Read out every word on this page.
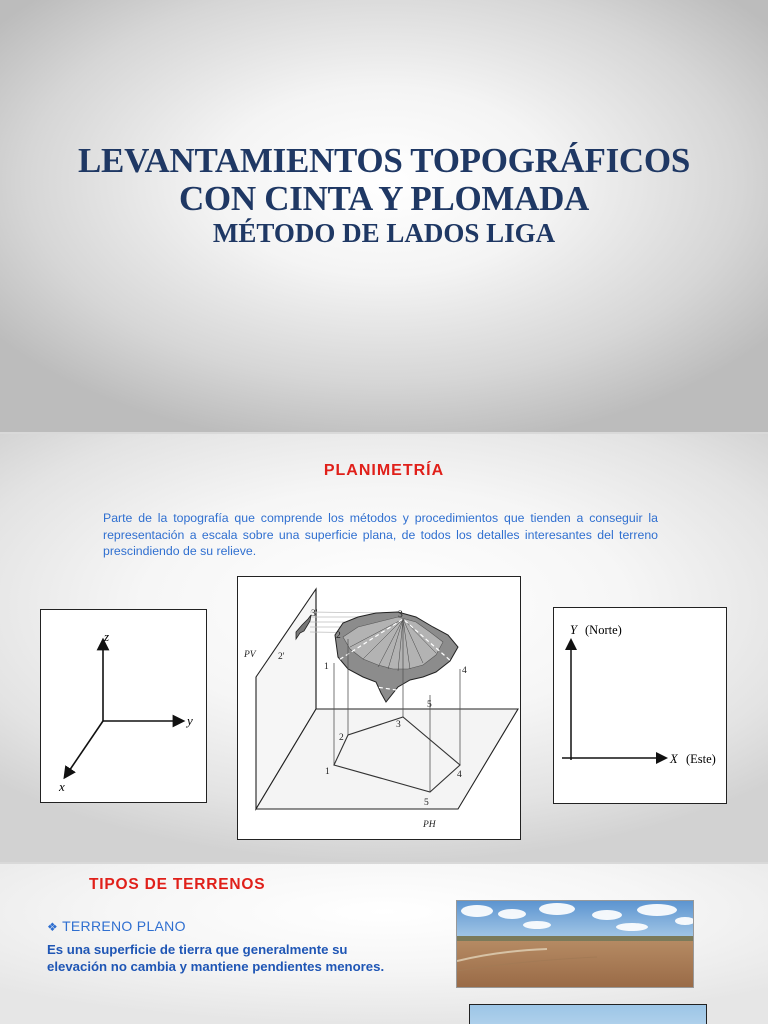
LEVANTAMIENTOS TOPOGRÁFICOS

CON CINTA Y PLOMADA
MÉTODO DE LADOS LIGA
PLANIMETRÍA
Parte de la topografía que comprende los métodos y procedimientos que tienden a conseguir la representación a escala sobre una superficie plana, de todos los detalles interesantes del terreno prescindiendo de su relieve.
z
y
x
PV
PH
3'
2'
3
2
1	4
5
3
2
1	4
5
Y (Norte)
X (Este)
TIPOS DE TERRENOS
❖ TERRENO PLANO
Es una superficie de tierra que generalmente su elevación no cambia y mantiene pendientes menores.
